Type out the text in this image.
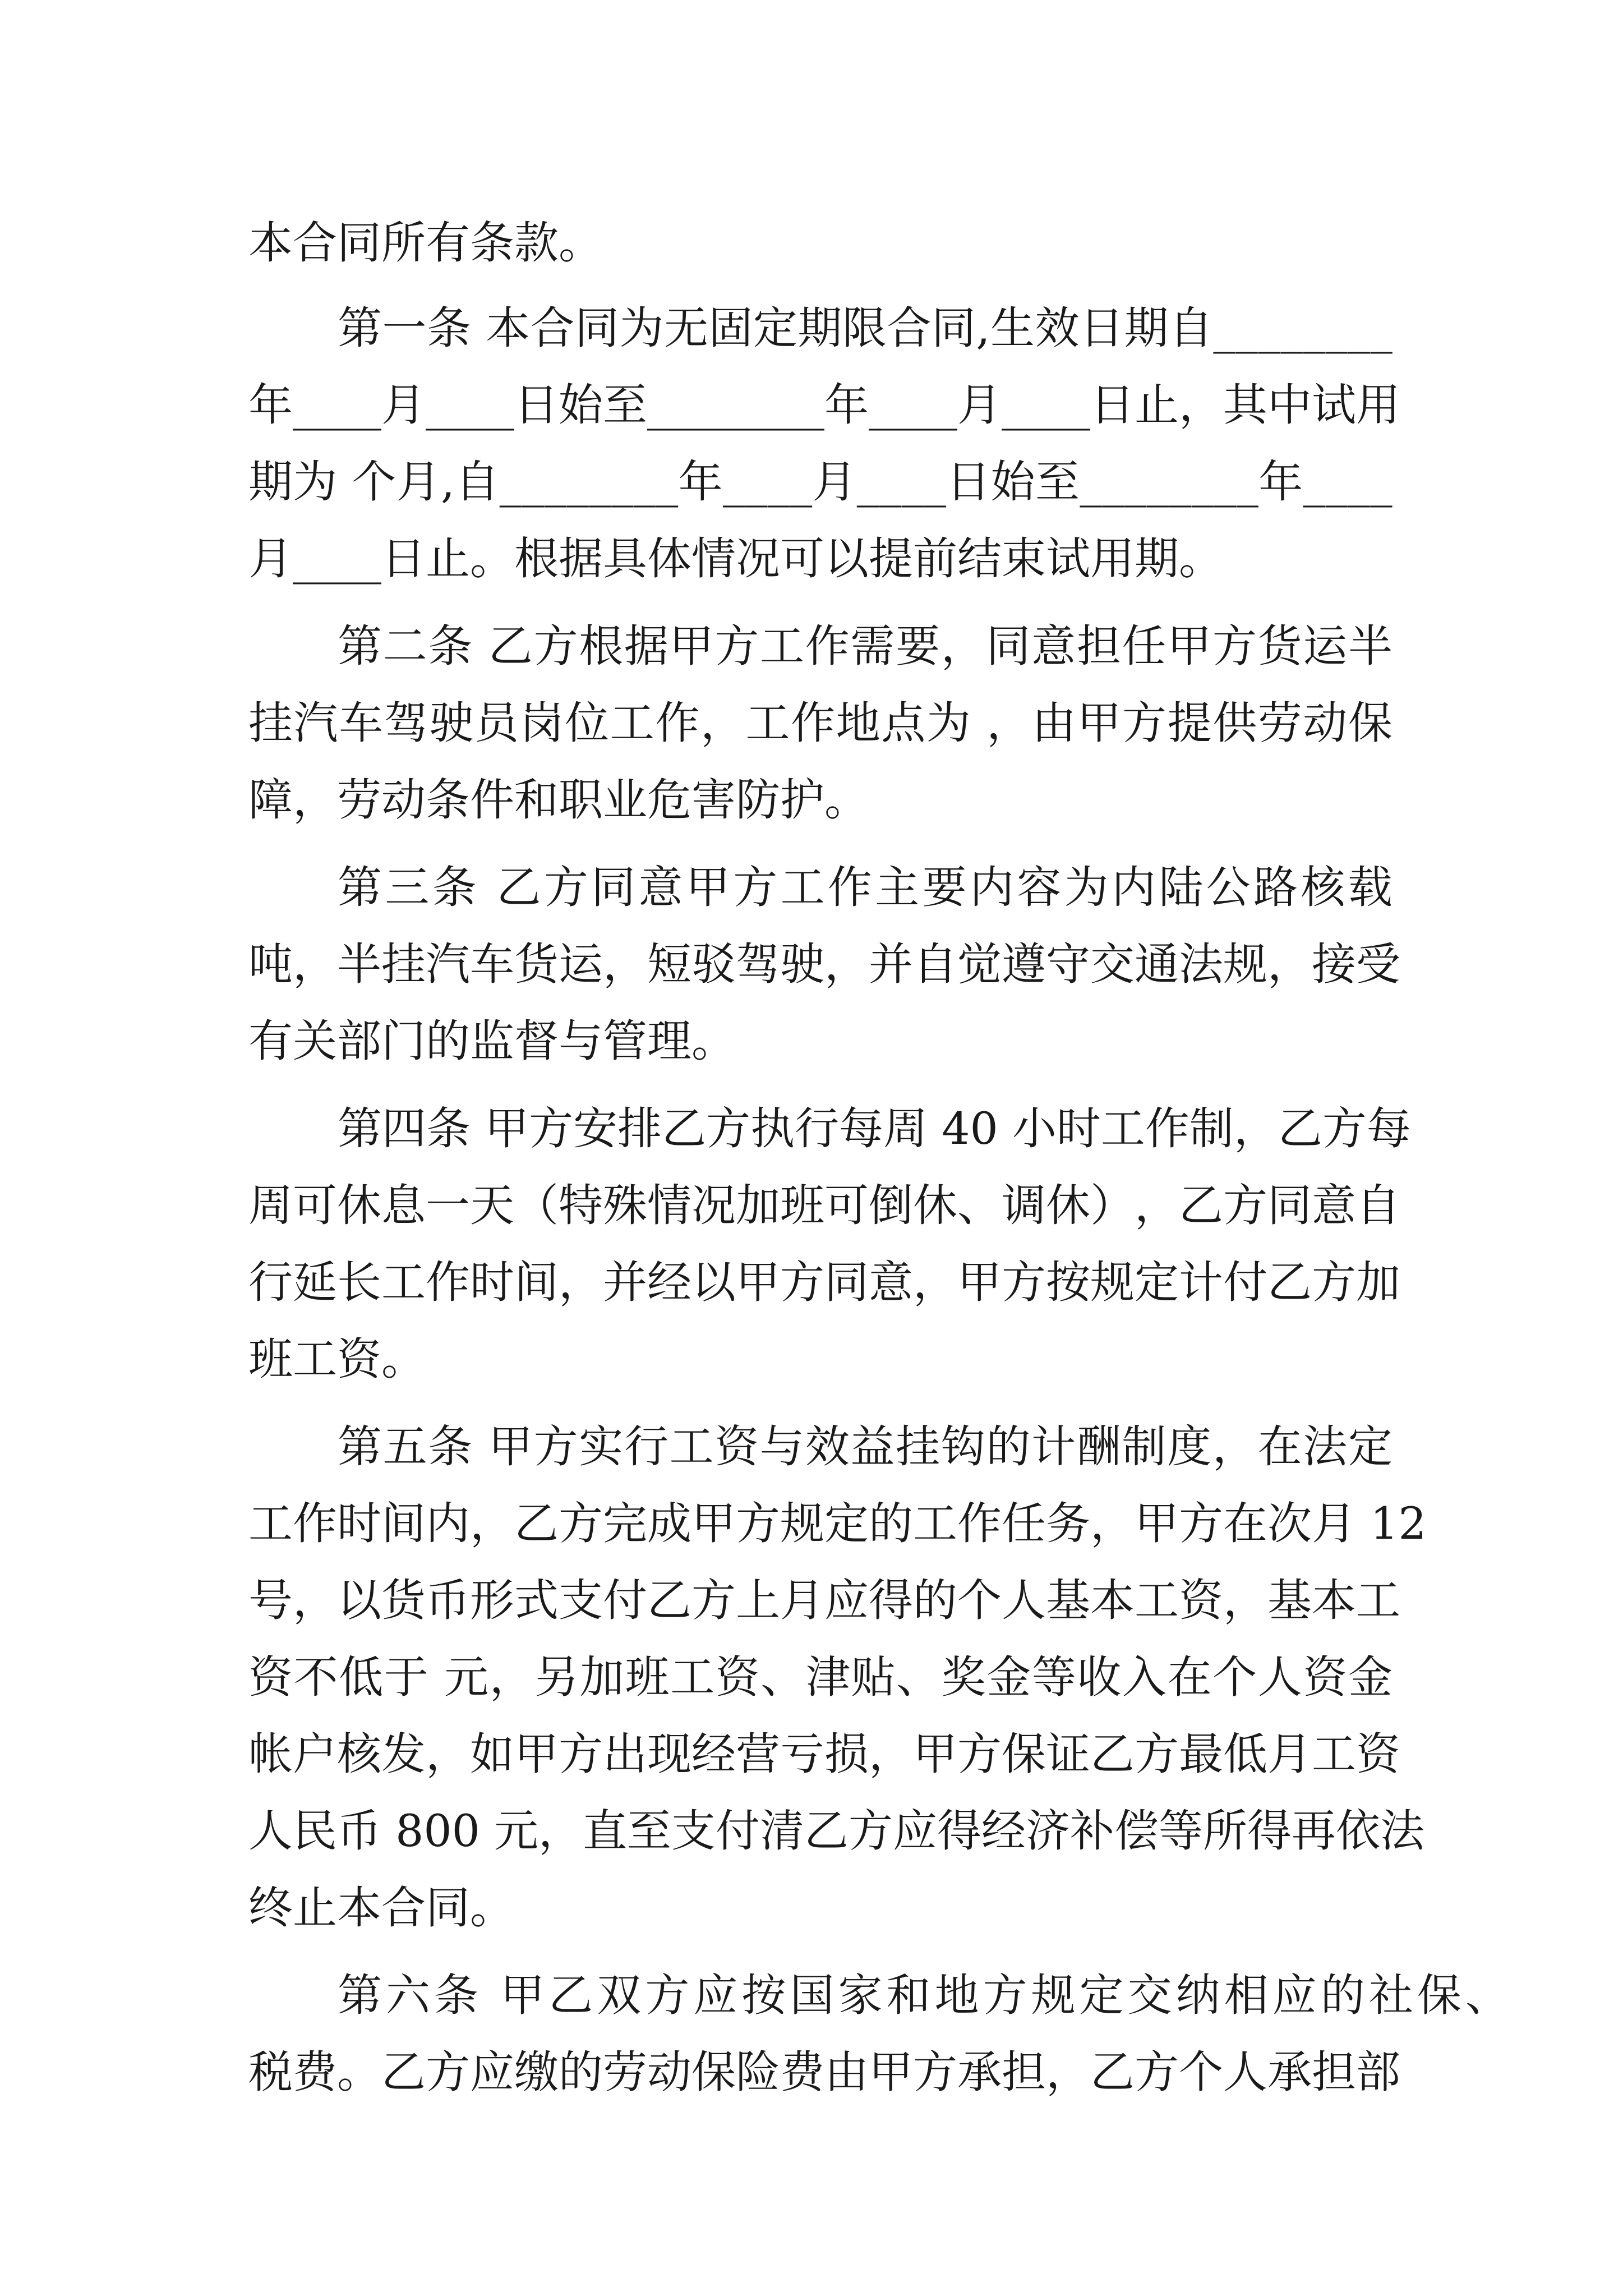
本合同所有条款。
第 一 条
本 合 同 为 无 固 定 期 限 合 同 , 生 效 日 期 自 _ _ _ _ _ _ _ _
年 _ _ _ _ 月 _ _ _ _ 日 始 至 _ _ _ _ _ _ _ _ 年 _ _ _ _ 月 _ _ _ _ 日 止 ， 其 中 试 用
期 为
个 月 , 自 _ _ _ _ _ _ _ _ 年 _ _ _ _ 月 _ _ _ _ 日 始 至 _ _ _ _ _ _ _ _ 年 _ _ _ _
月____日止。根据具体情况可以提前结束试用期。
第 二 条
乙 方 根 据 甲 方 工 作 需 要 ， 同 意 担 任 甲 方 货 运 半
挂 汽 车 驾 驶 员 岗 位 工 作 ， 工 作 地 点 为
， 由 甲 方 提 供 劳 动 保
障，劳动条件和职业危害防护。
第 三 条
乙 方 同 意 甲 方 工 作 主 要 内 容 为 内 陆 公 路 核 载
吨 ， 半 挂 汽 车 货 运 ， 短 驳 驾 驶 ， 并 自 觉 遵 守 交 通 法 规 ， 接 受
有关部门的监督与管理。
第 四 条
甲 方 安 排 乙 方 执 行 每 周
4 0
小 时 工 作 制 ， 乙 方 每
周 可 休 息 一 天 （ 特 殊 情 况 加 班 可 倒 休 、 调 休 ） ， 乙 方 同 意 自
行 延 长 工 作 时 间 ， 并 经 以 甲 方 同 意 ， 甲 方 按 规 定 计 付 乙 方 加
班工资。
第 五 条
甲 方 实 行 工 资 与 效 益 挂 钩 的 计 酬 制 度 ， 在 法 定
工 作 时 间 内 ， 乙 方 完 成 甲 方 规 定 的 工 作 任 务 ， 甲 方 在 次 月
1 2
号 ， 以 货 币 形 式 支 付 乙 方 上 月 应 得 的 个 人 基 本 工 资 ， 基 本 工
资 不 低 于
元 ， 另 加 班 工 资 、 津 贴 、 奖 金 等 收 入 在 个 人 资 金
帐 户 核 发 ， 如 甲 方 出 现 经 营 亏 损 ， 甲 方 保 证 乙 方 最 低 月 工 资
人 民 币
8 0 0
元 ， 直 至 支 付 清 乙 方 应 得 经 济 补 偿 等 所 得 再 依 法
终止本合同。
第 六 条
甲 乙 双 方 应 按 国 家 和 地 方 规 定 交 纳 相 应 的 社 保 、
税 费 。 乙 方 应 缴 的 劳 动 保 险 费 由 甲 方 承 担 ， 乙 方 个 人 承 担 部
